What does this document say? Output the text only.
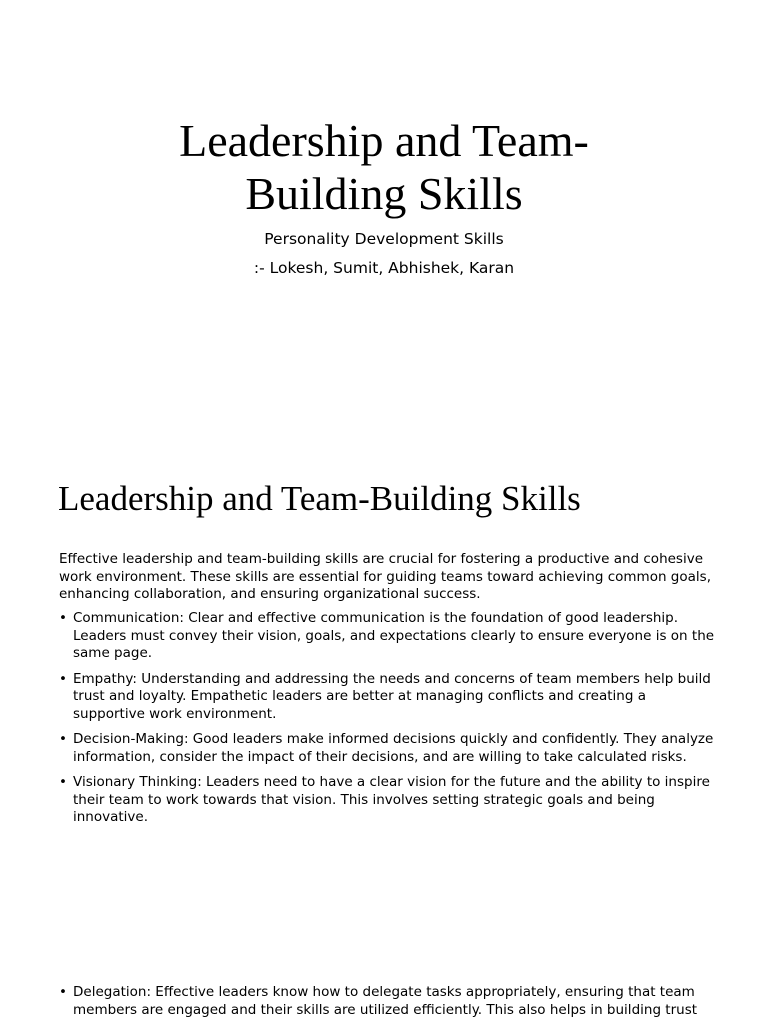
Leadership and Team-
Building Skills

Personality Development Skills

:- Lokesh, Sumit, Abhishek, Karan

Leadership and Team-Building Skills

Effective leadership and team-building skills are crucial for fostering a productive and cohesive work environment. These skills are essential for guiding teams toward achieving common goals, enhancing collaboration, and ensuring organizational success.

• Communication: Clear and effective communication is the foundation of good leadership. Leaders must convey their vision, goals, and expectations clearly to ensure everyone is on the same page.
• Empathy: Understanding and addressing the needs and concerns of team members help build trust and loyalty. Empathetic leaders are better at managing conflicts and creating a supportive work environment.
• Decision-Making: Good leaders make informed decisions quickly and confidently. They analyze information, consider the impact of their decisions, and are willing to take calculated risks.
• Visionary Thinking: Leaders need to have a clear vision for the future and the ability to inspire their team to work towards that vision. This involves setting strategic goals and being innovative.
• Delegation: Effective leaders know how to delegate tasks appropriately, ensuring that team members are engaged and their skills are utilized efficiently. This also helps in building trust
